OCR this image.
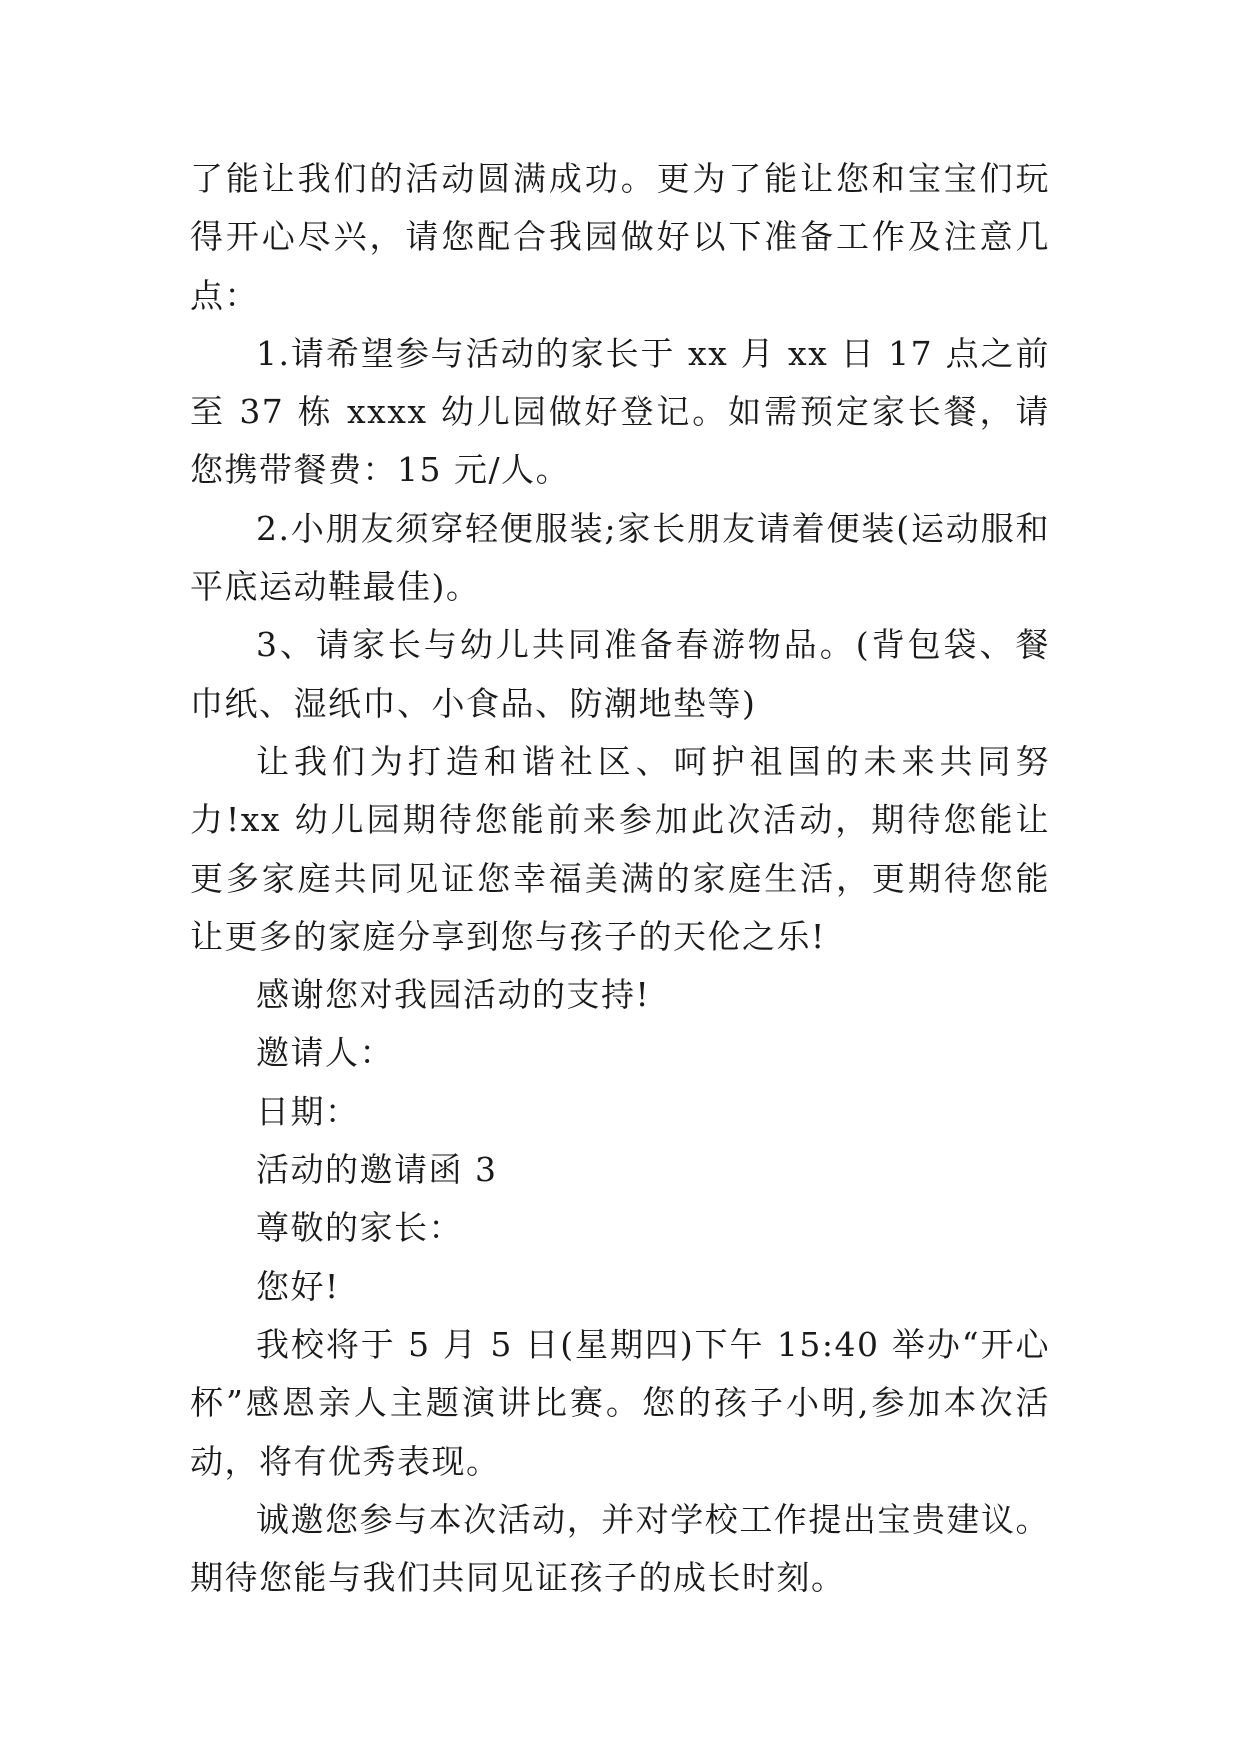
了能让我们的活动圆满成功。更为了能让您和宝宝们玩得开心尽兴，请您配合我园做好以下准备工作及注意几点：

1.请希望参与活动的家长于 xx 月 xx 日 17 点之前至 37 栋 xxxx 幼儿园做好登记。如需预定家长餐，请您携带餐费：15 元/人。

2.小朋友须穿轻便服装;家长朋友请着便装(运动服和平底运动鞋最佳)。

3、请家长与幼儿共同准备春游物品。(背包袋、餐巾纸、湿纸巾、小食品、防潮地垫等)

让我们为打造和谐社区、呵护祖国的未来共同努力!xx 幼儿园期待您能前来参加此次活动，期待您能让更多家庭共同见证您幸福美满的家庭生活，更期待您能让更多的家庭分享到您与孩子的天伦之乐!

感谢您对我园活动的支持!

邀请人：

日期：

活动的邀请函 3

尊敬的家长：

您好!

我校将于 5 月 5 日(星期四)下午 15:40 举办“开心杯”感恩亲人主题演讲比赛。您的孩子小明,参加本次活动，将有优秀表现。

诚邀您参与本次活动，并对学校工作提出宝贵建议。期待您能与我们共同见证孩子的成长时刻。
